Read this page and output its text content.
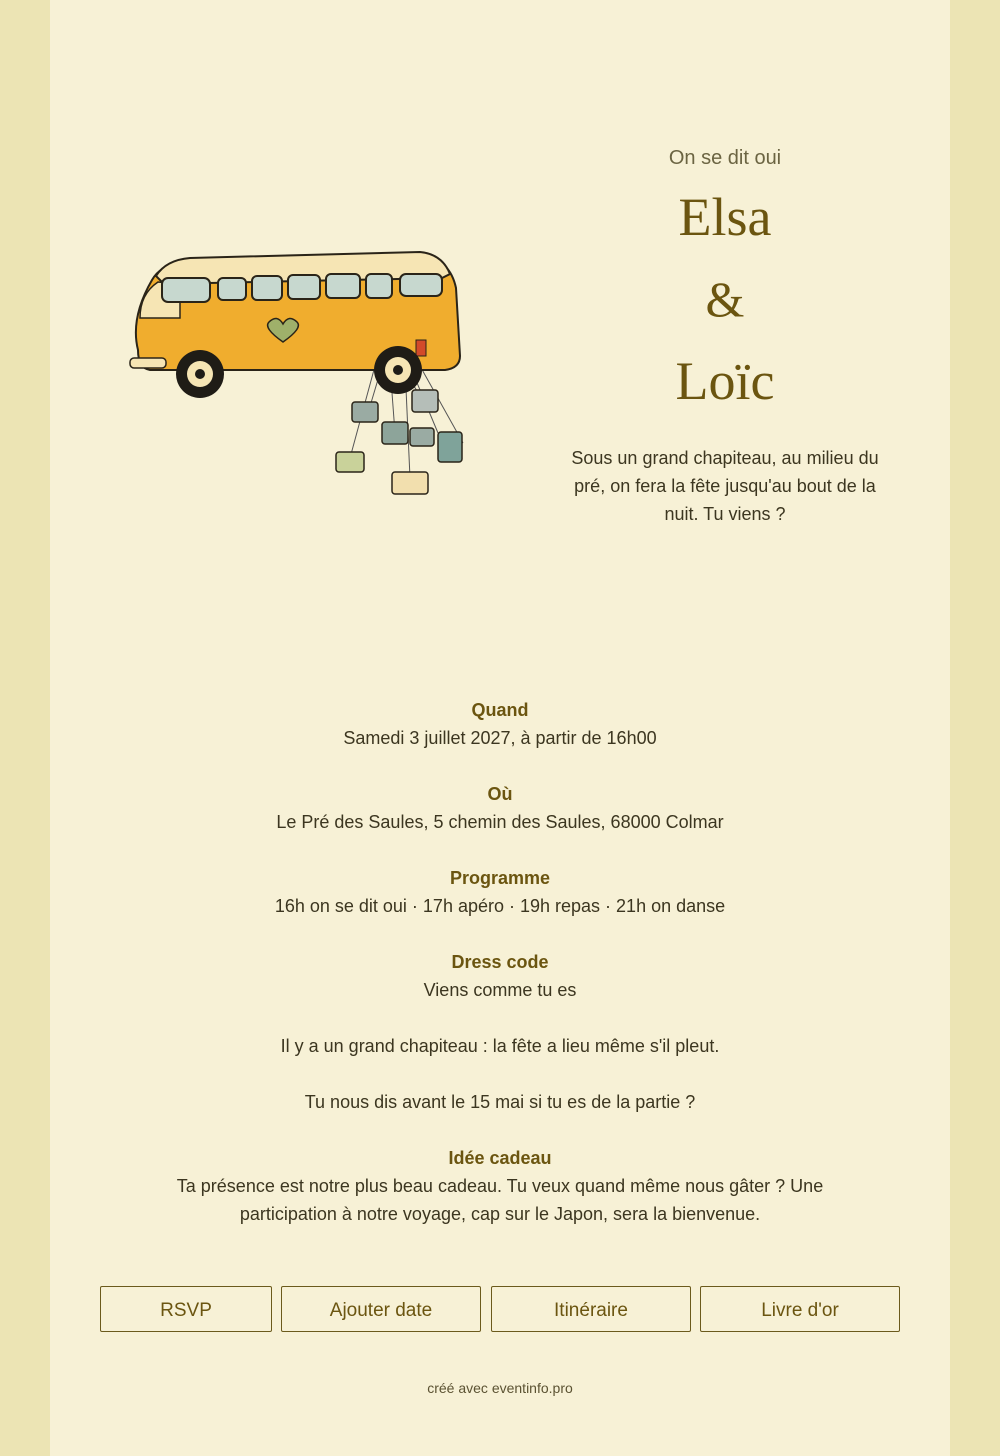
On se dit oui

Elsa

&

Loïc

Sous un grand chapiteau, au milieu du pré, on fera la fête jusqu'au bout de la nuit. Tu viens ?

Quand
Samedi 3 juillet 2027, à partir de 16h00
Où
Le Pré des Saules, 5 chemin des Saules, 68000 Colmar
Programme
16h on se dit oui · 17h apéro · 19h repas · 21h on danse
Dress code
Viens comme tu es
Il y a un grand chapiteau : la fête a lieu même s'il pleut.
Tu nous dis avant le 15 mai si tu es de la partie ?
Idée cadeau
Ta présence est notre plus beau cadeau. Tu veux quand même nous gâter ? Une participation à notre voyage, cap sur le Japon, sera la bienvenue.
RSVP	Ajouter date	Itinéraire	Livre d'or
créé avec eventinfo.pro
